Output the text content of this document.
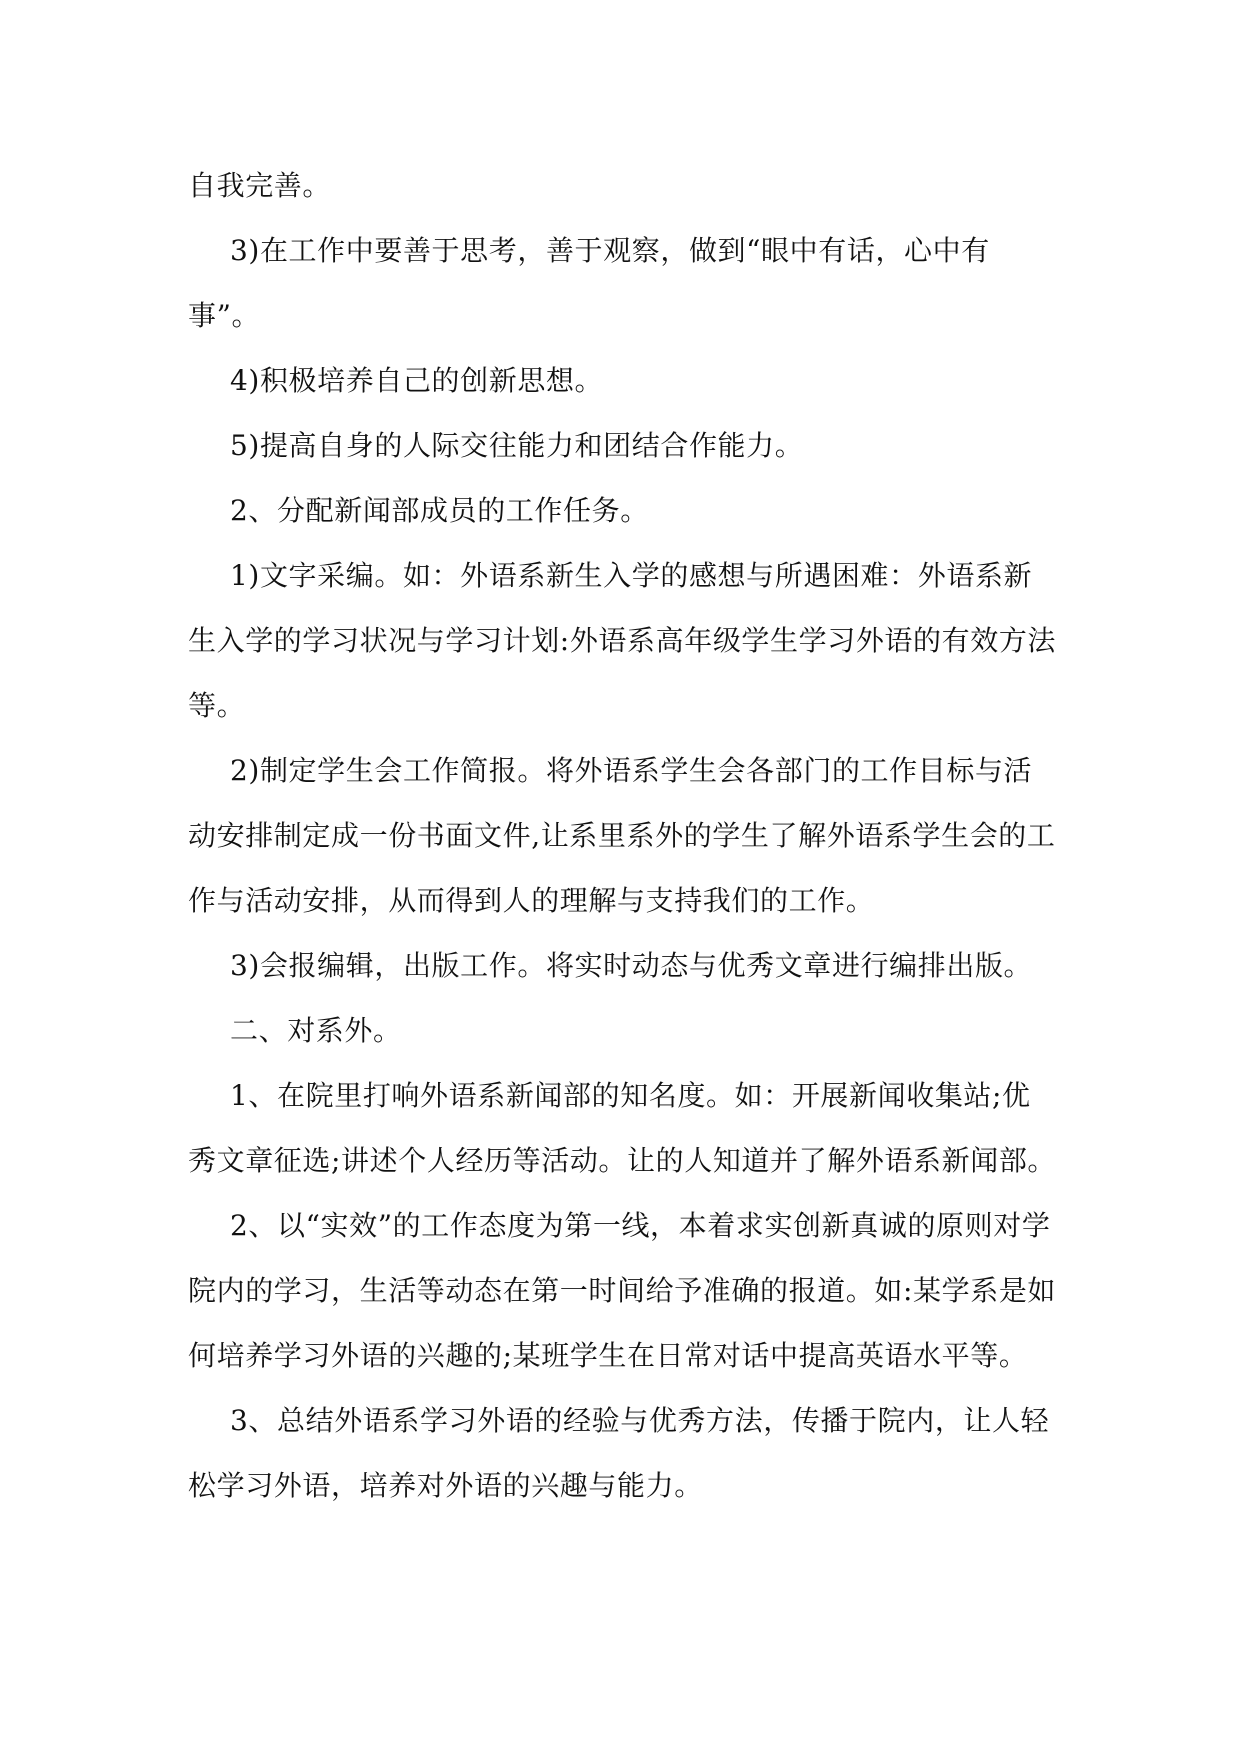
自我完善。

3)在工作中要善于思考，善于观察，做到“眼中有话，心中有事”。

4)积极培养自己的创新思想。

5)提高自身的人际交往能力和团结合作能力。

2、分配新闻部成员的工作任务。

1)文字采编。如：外语系新生入学的感想与所遇困难：外语系新生入学的学习状况与学习计划:外语系高年级学生学习外语的有效方法等。

2)制定学生会工作简报。将外语系学生会各部门的工作目标与活动安排制定成一份书面文件,让系里系外的学生了解外语系学生会的工作与活动安排，从而得到人的理解与支持我们的工作。

3)会报编辑，出版工作。将实时动态与优秀文章进行编排出版。

二、对系外。

1、在院里打响外语系新闻部的知名度。如：开展新闻收集站;优秀文章征选;讲述个人经历等活动。让的人知道并了解外语系新闻部。

2、以“实效”的工作态度为第一线，本着求实创新真诚的原则对学院内的学习，生活等动态在第一时间给予准确的报道。如:某学系是如何培养学习外语的兴趣的;某班学生在日常对话中提高英语水平等。

3、总结外语系学习外语的经验与优秀方法，传播于院内，让人轻松学习外语，培养对外语的兴趣与能力。
